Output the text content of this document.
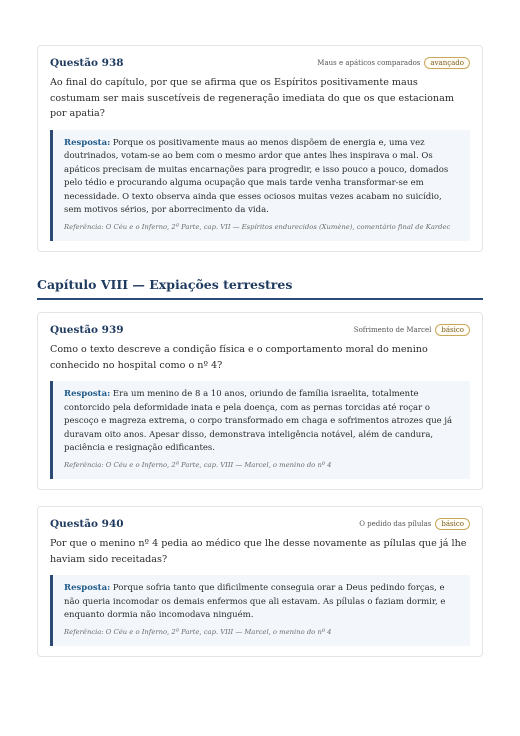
Questão 938	Maus e apáticos comparados	avançado

Ao final do capítulo, por que se afirma que os Espíritos positivamente maus costumam ser mais suscetíveis de regeneração imediata do que os que estacionam por apatia?

Resposta: Porque os positivamente maus ao menos dispõem de energia e, uma vez doutrinados, votam-se ao bem com o mesmo ardor que antes lhes inspirava o mal. Os apáticos precisam de muitas encarnações para progredir, e isso pouco a pouco, domados pelo tédio e procurando alguma ocupação que mais tarde venha transformar-se em necessidade. O texto observa ainda que esses ociosos muitas vezes acabam no suicídio, sem motivos sérios, por aborrecimento da vida.

Referência: O Céu e o Inferno, 2ª Parte, cap. VII — Espíritos endurecidos (Xumène), comentário final de Kardec

Capítulo VIII — Expiações terrestres
Questão 939	Sofrimento de Marcel	básico

Como o texto descreve a condição física e o comportamento moral do menino conhecido no hospital como o nº 4?

Resposta: Era um menino de 8 a 10 anos, oriundo de família israelita, totalmente contorcido pela deformidade inata e pela doença, com as pernas torcidas até roçar o pescoço e magreza extrema, o corpo transformado em chaga e sofrimentos atrozes que já duravam oito anos. Apesar disso, demonstrava inteligência notável, além de candura, paciência e resignação edificantes.

Referência: O Céu e o Inferno, 2ª Parte, cap. VIII — Marcel, o menino do nº 4

Questão 940	O pedido das pílulas	básico

Por que o menino nº 4 pedia ao médico que lhe desse novamente as pílulas que já lhe haviam sido receitadas?

Resposta: Porque sofria tanto que dificilmente conseguia orar a Deus pedindo forças, e não queria incomodar os demais enfermos que ali estavam. As pílulas o faziam dormir, e enquanto dormia não incomodava ninguém.

Referência: O Céu e o Inferno, 2ª Parte, cap. VIII — Marcel, o menino do nº 4
